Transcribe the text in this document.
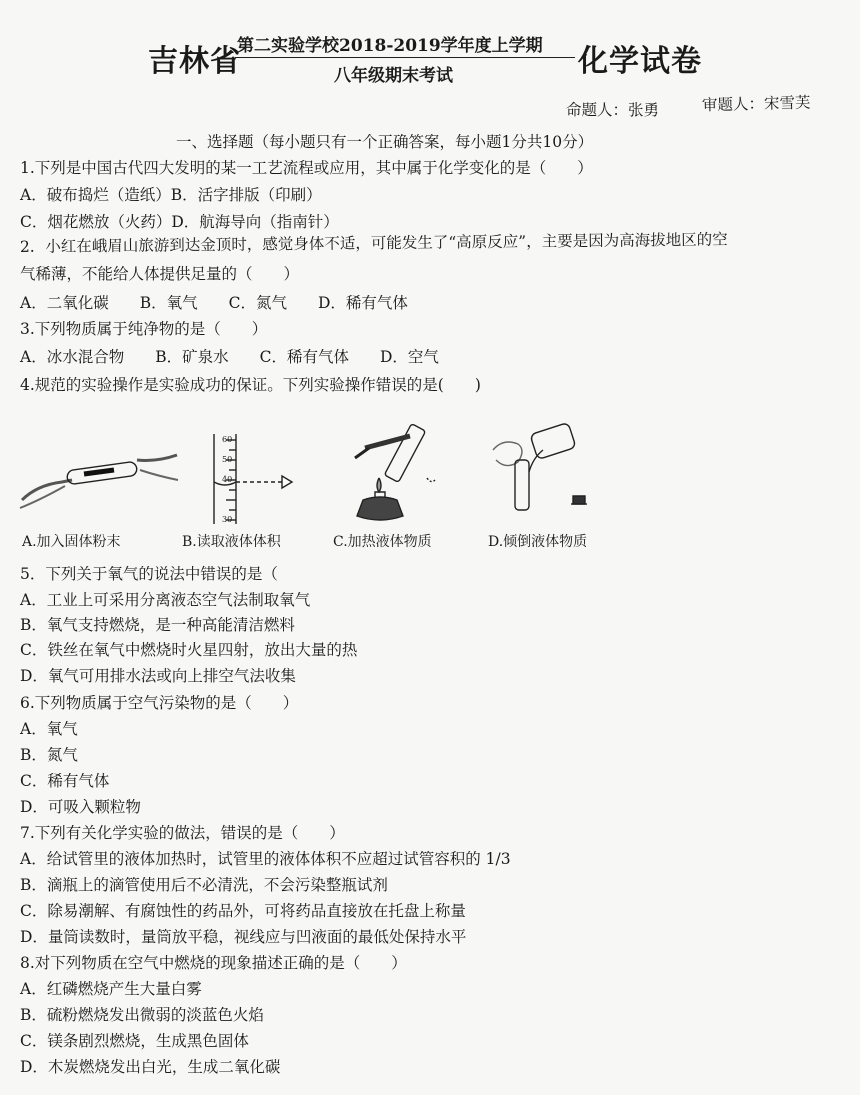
吉林省
第二实验学校2018-2019学年度上学期
八年级期末考试	化学试卷
命题人：张勇	审题人：宋雪芙
一、选择题（每小题只有一个正确答案，每小题1分共10分）
1.下列是中国古代四大发明的某一工艺流程或应用，其中属于化学变化的是（　　）
A．破布捣烂（造纸）B．活字排版（印刷）
C．烟花燃放（火药）D．航海导向（指南针）
2．小红在峨眉山旅游到达金顶时，感觉身体不适，可能发生了“高原反应”，主要是因为高海拔地区的空
气稀薄，不能给人体提供足量的（　　）
A．二氧化碳　　B．氧气　　C．氮气　　D．稀有气体
3.下列物质属于纯净物的是（　　）
A．冰水混合物　　B．矿泉水　　C．稀有气体　　D．空气
4.规范的实验操作是实验成功的保证。下列实验操作错误的是(　　)
A.加入固体粉末
60
50
40
30
B.读取液体体积	C.加热液体物质	D.倾倒液体物质
5．下列关于氧气的说法中错误的是（
A．工业上可采用分离液态空气法制取氧气
B．氧气支持燃烧，是一种高能清洁燃料
C．铁丝在氧气中燃烧时火星四射，放出大量的热
D．氧气可用排水法或向上排空气法收集
6.下列物质属于空气污染物的是（　　）
A．氧气
B．氮气
C．稀有气体
D．可吸入颗粒物
7.下列有关化学实验的做法，错误的是（　　）
A．给试管里的液体加热时，试管里的液体体积不应超过试管容积的 1/3
B．滴瓶上的滴管使用后不必清洗，不会污染整瓶试剂
C．除易潮解、有腐蚀性的药品外，可将药品直接放在托盘上称量
D．量筒读数时，量筒放平稳，视线应与凹液面的最低处保持水平
8.对下列物质在空气中燃烧的现象描述正确的是（　　）
A．红磷燃烧产生大量白雾
B．硫粉燃烧发出微弱的淡蓝色火焰
C．镁条剧烈燃烧，生成黑色固体
D．木炭燃烧发出白光，生成二氧化碳
